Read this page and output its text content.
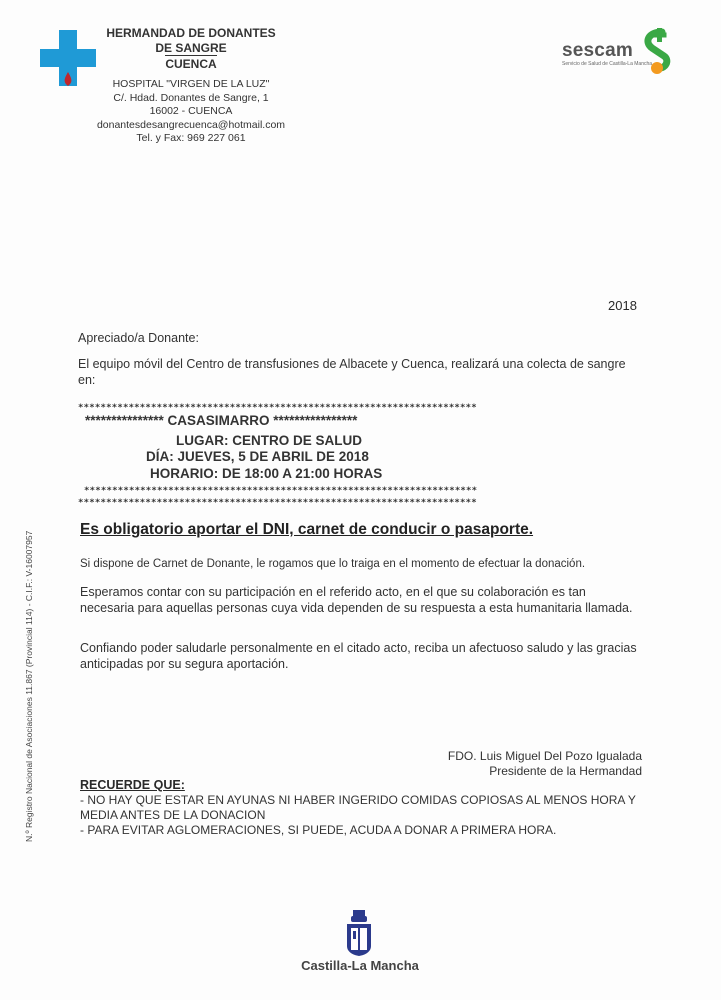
HERMANDAD DE DONANTES
DE SANGRE
CUENCA
HOSPITAL "VIRGEN DE LA LUZ"
C/. Hdad. Donantes de Sangre, 1
16002 - CUENCA
donantesdesangrecuenca@hotmail.com
Tel. y Fax: 969 227 061
sescam
Servicio de Salud de Castilla-La Mancha
2018
Apreciado/a Donante:
El equipo móvil del Centro de transfusiones de Albacete y Cuenca, realizará una colecta de sangre en:
***********************************************************************
*************** CASASIMARRO ****************
LUGAR: CENTRO DE SALUD
DÍA: JUEVES, 5 DE ABRIL DE 2018
HORARIO: DE 18:00 A 21:00 HORAS
**********************************************************************
***********************************************************************
Es obligatorio aportar el DNI, carnet de conducir o pasaporte.
Si dispone de Carnet de Donante, le rogamos que lo traiga en el momento de efectuar la donación.
Esperamos contar con su participación en el referido acto, en el que su colaboración es tan necesaria para aquellas personas cuya vida dependen de su respuesta a esta humanitaria llamada.
Confiando poder saludarle personalmente en el citado acto, reciba un afectuoso saludo y las gracias anticipadas por su segura aportación.
FDO. Luis Miguel Del Pozo Igualada
Presidente de la Hermandad
RECUERDE QUE:
- NO HAY QUE ESTAR EN AYUNAS NI HABER INGERIDO COMIDAS COPIOSAS AL MENOS HORA Y MEDIA ANTES DE LA DONACION
- PARA EVITAR AGLOMERACIONES, SI PUEDE, ACUDA A DONAR A PRIMERA HORA.
N.º Registro Nacional de Asociaciones 11.867 (Provincial 114) - C.I.F.: V-16007957
Castilla-La Mancha
